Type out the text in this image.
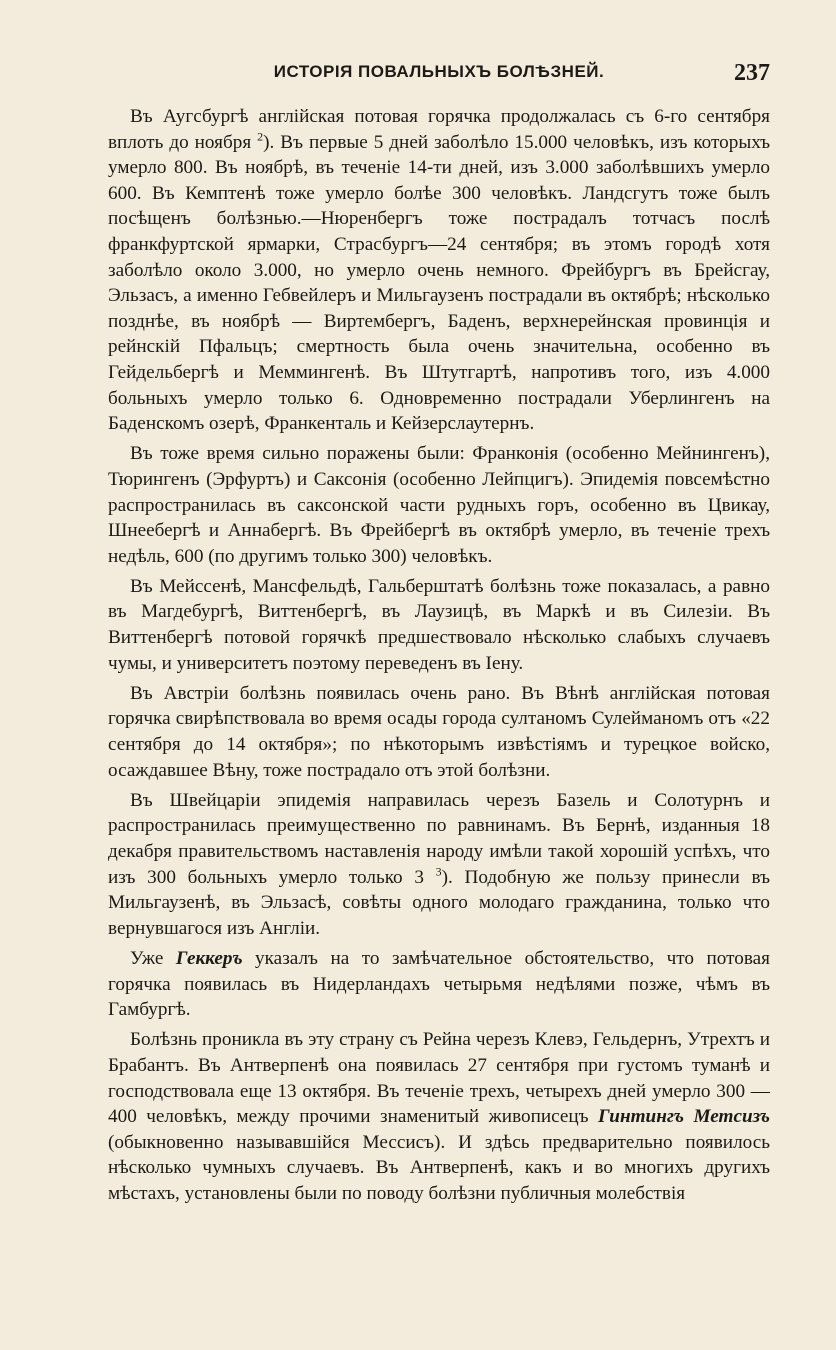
ИСТОРІЯ ПОВАЛЬНЫХЪ БОЛѢЗНЕЙ.	237

Въ Аугсбургѣ англійская потовая горячка продолжалась съ 6-го сентября вплоть до ноября $^2$). Въ первые 5 дней заболѣло 15.000 человѣкъ, изъ которыхъ умерло 800. Въ ноябрѣ, въ теченіе 14-ти дней, изъ 3.000 заболѣвшихъ умерло 600. Въ Кемптенѣ тоже умерло болѣе 300 человѣкъ. Ландсгутъ тоже былъ посѣщенъ болѣзнью.—Нюренбергъ тоже пострадалъ тотчасъ послѣ франкфуртской ярмарки, Страсбургъ—24 сентября; въ этомъ городѣ хотя заболѣло около 3.000, но умерло очень немного. Фрейбургъ въ Брейсгау, Эльзасъ, а именно Гебвейлеръ и Мильгаузенъ пострадали въ октябрѣ; нѣсколько позднѣе, въ ноябрѣ — Виртембергъ, Баденъ, верхнерейнская провинція и рейнскій Пфальцъ; смертность была очень значительна, особенно въ Гейдельбергѣ и Меммингенѣ. Въ Штутгартѣ, напротивъ того, изъ 4.000 больныхъ умерло только 6. Одновременно пострадали Уберлингенъ на Баденскомъ озерѣ, Франкенталь и Кейзерслаутернъ.

Въ тоже время сильно поражены были: Франконія (особенно Мейнингенъ), Тюрингенъ (Эрфуртъ) и Саксонія (особенно Лейпцигъ). Эпидемія повсемѣстно распространилась въ саксонской части рудныхъ горъ, особенно въ Цвикау, Шнеебергѣ и Аннабергѣ. Въ Фрейбергѣ въ октябрѣ умерло, въ теченіе трехъ недѣль, 600 (по другимъ только 300) человѣкъ.

Въ Мейссенѣ, Мансфельдѣ, Гальберштатѣ болѣзнь тоже показалась, а равно въ Магдебургѣ, Виттенбергѣ, въ Лаузицѣ, въ Маркѣ и въ Силезіи. Въ Виттенбергѣ потовой горячкѣ предшествовало нѣсколько слабыхъ случаевъ чумы, и университетъ поэтому переведенъ въ Іену.

Въ Австріи болѣзнь появилась очень рано. Въ Вѣнѣ англійская потовая горячка свирѣпствовала во время осады города султаномъ Сулейманомъ отъ «22 сентября до 14 октября»; по нѣкоторымъ извѣстіямъ и турецкое войско, осаждавшее Вѣну, тоже пострадало отъ этой болѣзни.

Въ Швейцаріи эпидемія направилась черезъ Базель и Солотурнъ и распространилась преимущественно по равнинамъ. Въ Бернѣ, изданныя 18 декабря правительствомъ наставленія народу имѣли такой хорошій успѣхъ, что изъ 300 больныхъ умерло только 3 $^3$). Подобную же пользу принесли въ Мильгаузенѣ, въ Эльзасѣ, совѣты одного молодаго гражданина, только что вернувшагося изъ Англіи.

Уже Геккеръ указалъ на то замѣчательное обстоятельство, что потовая горячка появилась въ Нидерландахъ четырьмя недѣлями позже, чѣмъ въ Гамбургѣ.

Болѣзнь проникла въ эту страну съ Рейна черезъ Клевэ, Гельдернъ, Утрехтъ и Брабантъ. Въ Антверпенѣ она появилась 27 сентября при густомъ туманѣ и господствовала еще 13 октября. Въ теченіе трехъ, четырехъ дней умерло 300 — 400 человѣкъ, между прочими знаменитый живописецъ Гинтингъ Метсизъ (обыкновенно называвшійся Мессисъ). И здѣсь предварительно появилось нѣсколько чумныхъ случаевъ. Въ Антверпенѣ, какъ и во многихъ другихъ мѣстахъ, установлены были по поводу болѣзни публичныя молебствія
